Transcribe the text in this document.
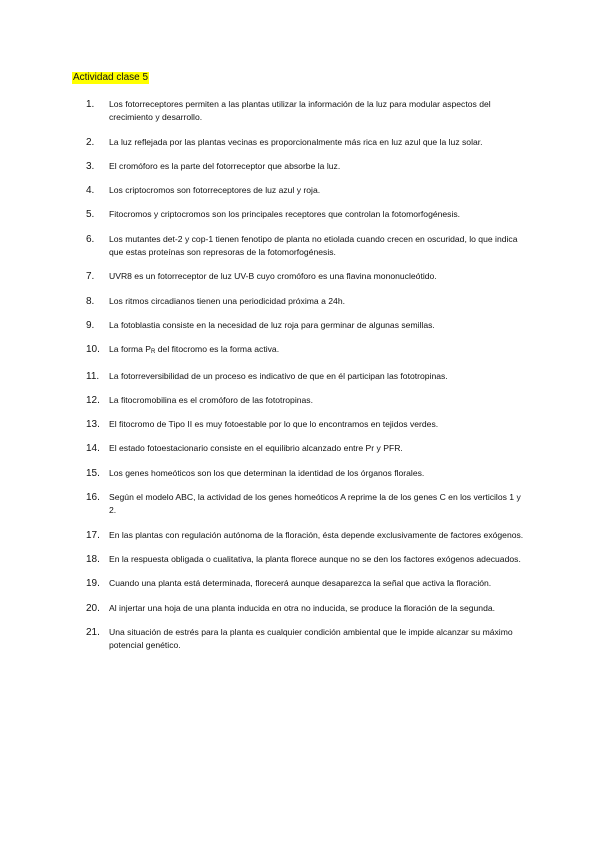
Actividad clase 5
1.	Los fotorreceptores permiten a las plantas utilizar la información de la luz para modular aspectos del crecimiento y desarrollo.
2.	La luz reflejada por las plantas vecinas es proporcionalmente más rica en luz azul que la luz solar.
3.	El cromóforo es la parte del fotorreceptor que absorbe la luz.
4.	Los criptocromos son fotorreceptores de luz azul y roja.
5.	Fitocromos y criptocromos son los principales receptores que controlan la fotomorfogénesis.
6.	Los mutantes det-2 y cop-1 tienen fenotipo de planta no etiolada cuando crecen en oscuridad, lo que indica que estas proteínas son represoras de la fotomorfogénesis.
7.	UVR8 es un fotorreceptor de luz UV-B cuyo cromóforo es una flavina mononucleótido.
8.	Los ritmos circadianos tienen una periodicidad próxima a 24h.
9.	La fotoblastia consiste en la necesidad de luz roja para germinar de algunas semillas.
10.	La forma $P_R$ del fitocromo es la forma activa.
11.	La fotorreversibilidad de un proceso es indicativo de que en él participan las fototropinas.
12.	La fitocromobilina es el cromóforo de las fototropinas.
13.	El fitocromo de Tipo II es muy fotoestable por lo que lo encontramos en tejidos verdes.
14.	El estado fotoestacionario consiste en el equilibrio alcanzado entre Pr y PFR.
15.	Los genes homeóticos son los que determinan la identidad de los órganos florales.
16.	Según el modelo ABC, la actividad de los genes homeóticos A reprime la de los genes C en los verticilos 1 y 2.
17.	En las plantas con regulación autónoma de la floración, ésta depende exclusivamente de factores exógenos.
18.	En la respuesta obligada o cualitativa, la planta florece aunque no se den los factores exógenos adecuados.
19.	Cuando una planta está determinada, florecerá aunque desaparezca la señal que activa la floración.
20.	Al injertar una hoja de una planta inducida en otra no inducida, se produce la floración de la segunda.
21.	Una situación de estrés para la planta es cualquier condición ambiental que le impide alcanzar su máximo potencial genético.
